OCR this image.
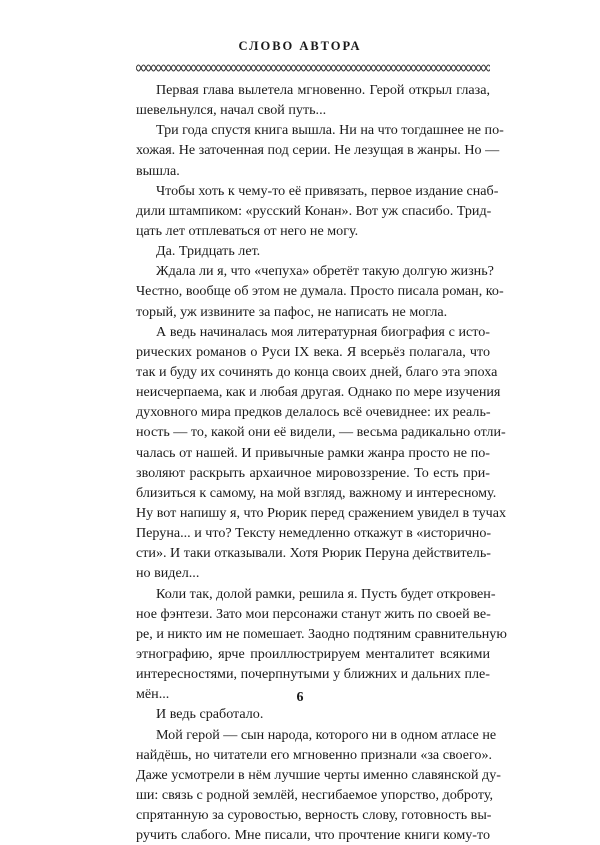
СЛОВО АВТОРА
Первая глава вылетела мгновенно. Герой открыл глаза,
шевельнулся, начал свой путь...
Три года спустя книга вышла. Ни на что тогдашнее не по-
хожая. Не заточенная под серии. Не лезущая в жанры. Но —
вышла.
Чтобы хоть к чему-то её привязать, первое издание снаб-
дили штампиком: «русский Конан». Вот уж спасибо. Трид-
цать лет отплеваться от него не могу.
Да. Тридцать лет.
Ждала ли я, что «чепуха» обретёт такую долгую жизнь?
Честно, вообще об этом не думала. Просто писала роман, ко-
торый, уж извините за пафос, не написать не могла.
А ведь начиналась моя литературная биография с исто-
рических романов о Руси IX века. Я всерьёз полагала, что
так и буду их сочинять до конца своих дней, благо эта эпоха
неисчерпаема, как и любая другая. Однако по мере изучения
духовного мира предков делалось всё очевиднее: их реаль-
ность — то, какой они её видели, — весьма радикально отли-
чалась от нашей. И привычные рамки жанра просто не по-
зволяют раскрыть архаичное мировоззрение. То есть при-
близиться к самому, на мой взгляд, важному и интересному.
Ну вот напишу я, что Рюрик перед сражением увидел в тучах
Перуна... и что? Тексту немедленно откажут в «историчнo-
сти». И таки отказывали. Хотя Рюрик Перуна действитель-
но видел...
Коли так, долой рамки, решила я. Пусть будет откровен-
ное фэнтези. Зато мои персонажи станут жить по своей ве-
ре, и никто им не помешает. Заодно подтяним сравнительную
этнографию, ярче проиллюстрируем менталитет всякими
интересностями, почерпнутыми у ближних и дальних пле-
мён...
И ведь сработало.
Мой герой — сын народа, которого ни в одном атласе не
найдёшь, но читатели его мгновенно признали «за своего».
Даже усмотрели в нём лучшие черты именно славянской ду-
ши: связь с родной землёй, несгибаемое упорство, доброту,
спрятанную за суровостью, верность слову, готовность вы-
ручить слабого. Мне писали, что прочтение книги кому-то
6
